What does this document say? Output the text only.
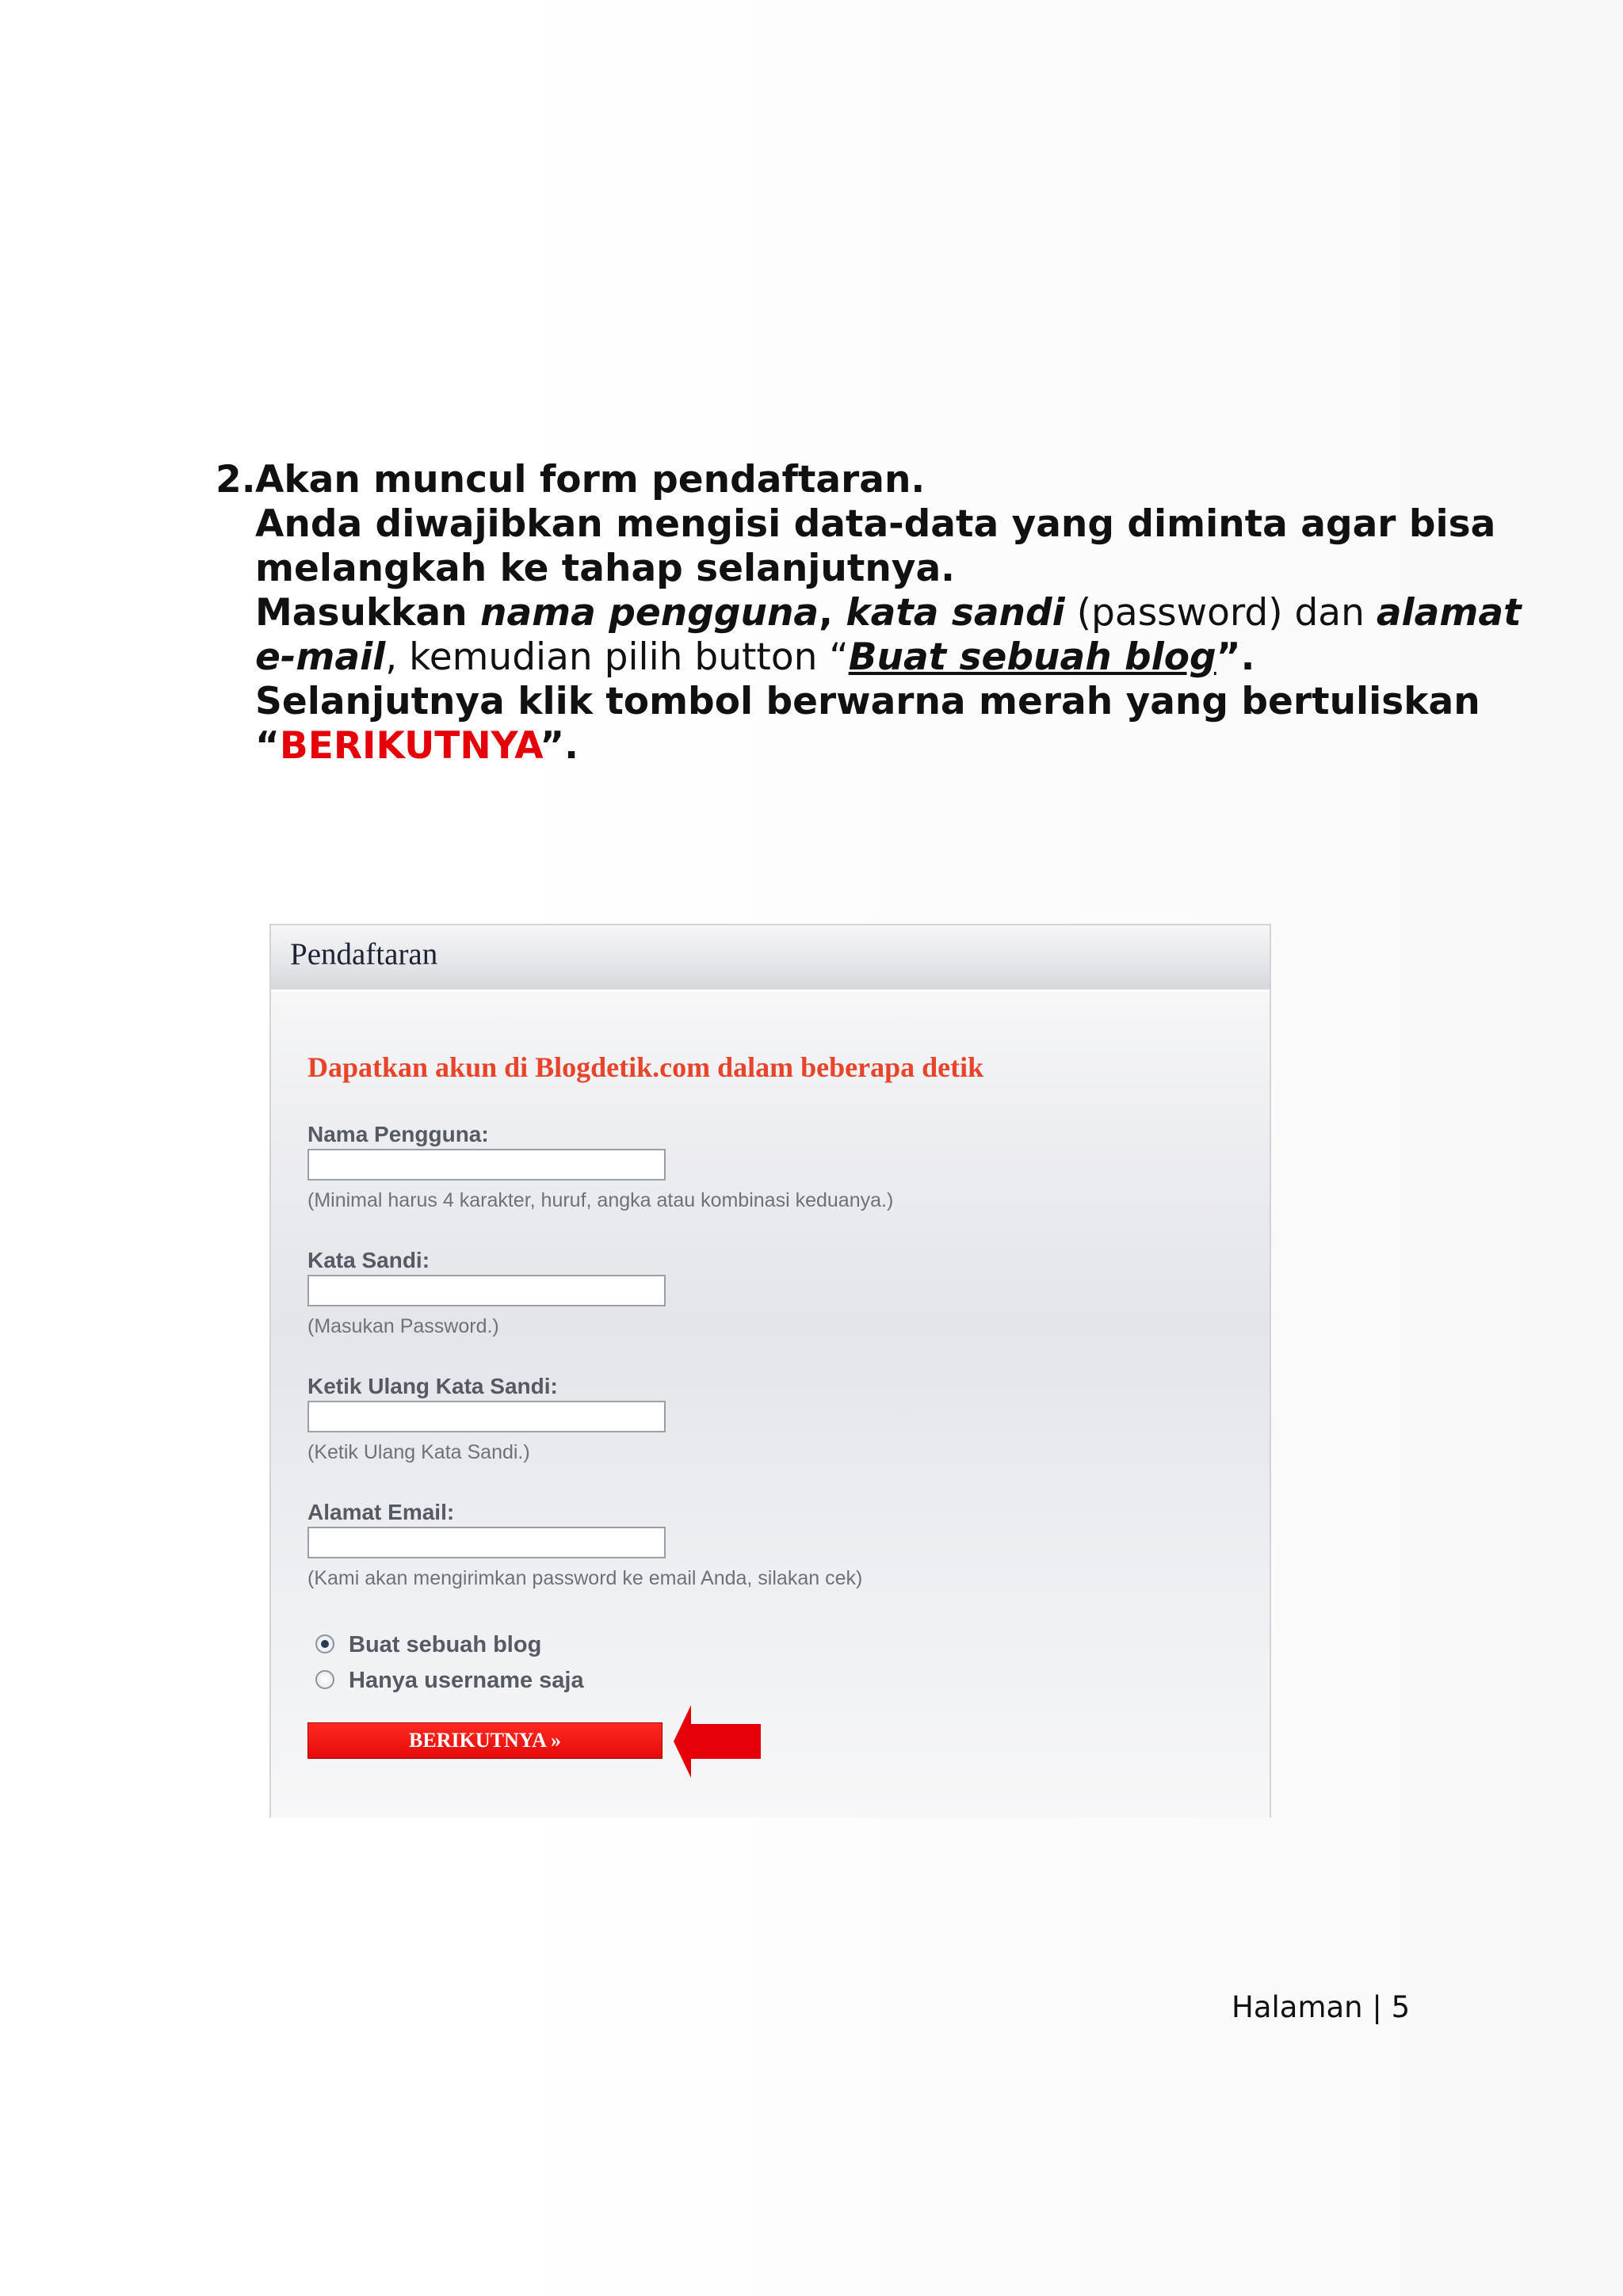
2. Akan muncul form pendaftaran.
Anda diwajibkan mengisi data-data yang diminta agar bisa
melangkah ke tahap selanjutnya.
Masukkan nama pengguna, kata sandi (password) dan alamat
e-mail, kemudian pilih button “Buat sebuah blog”.
Selanjutnya klik tombol berwarna merah yang bertuliskan
“BERIKUTNYA”.
Pendaftaran
Dapatkan akun di Blogdetik.com dalam beberapa detik
Nama Pengguna:
(Minimal harus 4 karakter, huruf, angka atau kombinasi keduanya.)
Kata Sandi:
(Masukan Password.)
Ketik Ulang Kata Sandi:
(Ketik Ulang Kata Sandi.)
Alamat Email:
(Kami akan mengirimkan password ke email Anda, silakan cek)
Buat sebuah blog
Hanya username saja
BERIKUTNYA »
Halaman | 5
